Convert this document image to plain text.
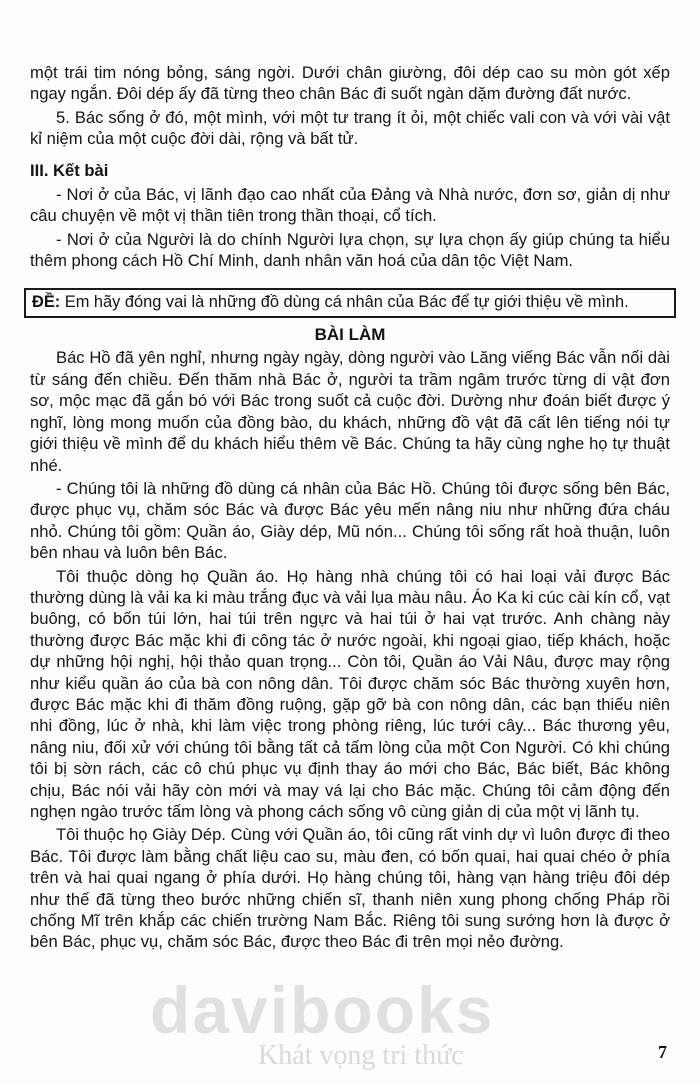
một trái tim nóng bỏng, sáng ngời. Dưới chân giường, đôi dép cao su mòn gót xếp ngay ngắn. Đôi dép ấy đã từng theo chân Bác đi suốt ngàn dặm đường đất nước.

5. Bác sống ở đó, một mình, với một tư trang ít ỏi, một chiếc vali con và với vài vật kỉ niệm của một cuộc đời dài, rộng và bất tử.

III. Kết bài

- Nơi ở của Bác, vị lãnh đạo cao nhất của Đảng và Nhà nước, đơn sơ, giản dị như câu chuyện về một vị thần tiên trong thần thoại, cổ tích.

- Nơi ở của Người là do chính Người lựa chọn, sự lựa chọn ấy giúp chúng ta hiểu thêm phong cách Hồ Chí Minh, danh nhân văn hoá của dân tộc Việt Nam.

ĐỀ: Em hãy đóng vai là những đồ dùng cá nhân của Bác để tự giới thiệu về mình.
BÀI LÀM

Bác Hồ đã yên nghỉ, nhưng ngày ngày, dòng người vào Lăng viếng Bác vẫn nối dài từ sáng đến chiều. Đến thăm nhà Bác ở, người ta trầm ngâm trước từng di vật đơn sơ, mộc mạc đã gắn bó với Bác trong suốt cả cuộc đời. Dường như đoán biết được ý nghĩ, lòng mong muốn của đồng bào, du khách, những đồ vật đã cất lên tiếng nói tự giới thiệu về mình để du khách hiểu thêm về Bác. Chúng ta hãy cùng nghe họ tự thuật nhé.

- Chúng tôi là những đồ dùng cá nhân của Bác Hồ. Chúng tôi được sống bên Bác, được phục vụ, chăm sóc Bác và được Bác yêu mến nâng niu như những đứa cháu nhỏ. Chúng tôi gồm: Quần áo, Giày dép, Mũ nón... Chúng tôi sống rất hoà thuận, luôn bên nhau và luôn bên Bác.

Tôi thuộc dòng họ Quần áo. Họ hàng nhà chúng tôi có hai loại vải được Bác thường dùng là vải ka ki màu trắng đục và vải lụa màu nâu. Áo Ka ki cúc cài kín cổ, vạt buông, có bốn túi lớn, hai túi trên ngực và hai túi ở hai vạt trước. Anh chàng này thường được Bác mặc khi đi công tác ở nước ngoài, khi ngoại giao, tiếp khách, hoặc dự những hội nghị, hội thảo quan trọng... Còn tôi, Quần áo Vải Nâu, được may rộng như kiểu quần áo của bà con nông dân. Tôi được chăm sóc Bác thường xuyên hơn, được Bác mặc khi đi thăm đồng ruộng, gặp gỡ bà con nông dân, các bạn thiếu niên nhi đồng, lúc ở nhà, khi làm việc trong phòng riêng, lúc tưới cây... Bác thương yêu, nâng niu, đối xử với chúng tôi bằng tất cả tấm lòng của một Con Người. Có khi chúng tôi bị sờn rách, các cô chú phục vụ định thay áo mới cho Bác, Bác biết, Bác không chịu, Bác nói vải hãy còn mới và may vá lại cho Bác mặc. Chúng tôi cảm động đến nghẹn ngào trước tấm lòng và phong cách sống vô cùng giản dị của một vị lãnh tụ.

Tôi thuộc họ Giày Dép. Cùng với Quần áo, tôi cũng rất vinh dự vì luôn được đi theo Bác. Tôi được làm bằng chất liệu cao su, màu đen, có bốn quai, hai quai chéo ở phía trên và hai quai ngang ở phía dưới. Họ hàng chúng tôi, hàng vạn hàng triệu đôi dép như thế đã từng theo bước những chiến sĩ, thanh niên xung phong chống Pháp rồi chống Mĩ trên khắp các chiến trường Nam Bắc. Riêng tôi sung sướng hơn là được ở bên Bác, phục vụ, chăm sóc Bác, được theo Bác đi trên mọi nẻo đường.

davibooks
Khát vọng tri thức	7
